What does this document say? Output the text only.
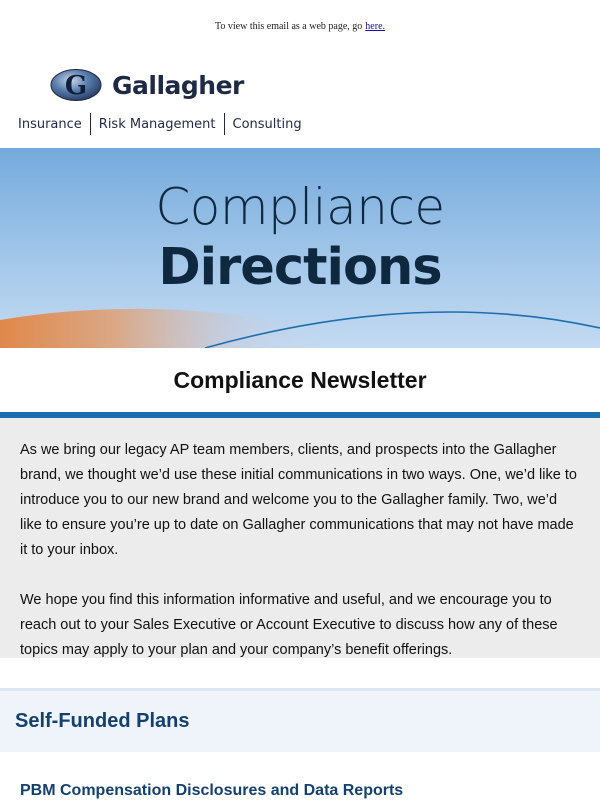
To view this email as a web page, go here.
G Gallagher
Insurance	Risk Management	Consulting
Compliance
Directions
Compliance Newsletter

As we bring our legacy AP team members, clients, and prospects into the Gallagher brand, we thought we’d use these initial communications in two ways. One, we’d like to introduce you to our new brand and welcome you to the Gallagher family. Two, we’d like to ensure you’re up to date on Gallagher communications that may not have made it to your inbox.

We hope you find this information informative and useful, and we encourage you to reach out to your Sales Executive or Account Executive to discuss how any of these topics may apply to your plan and your company’s benefit offerings.

Self-Funded Plans
PBM Compensation Disclosures and Data Reports
